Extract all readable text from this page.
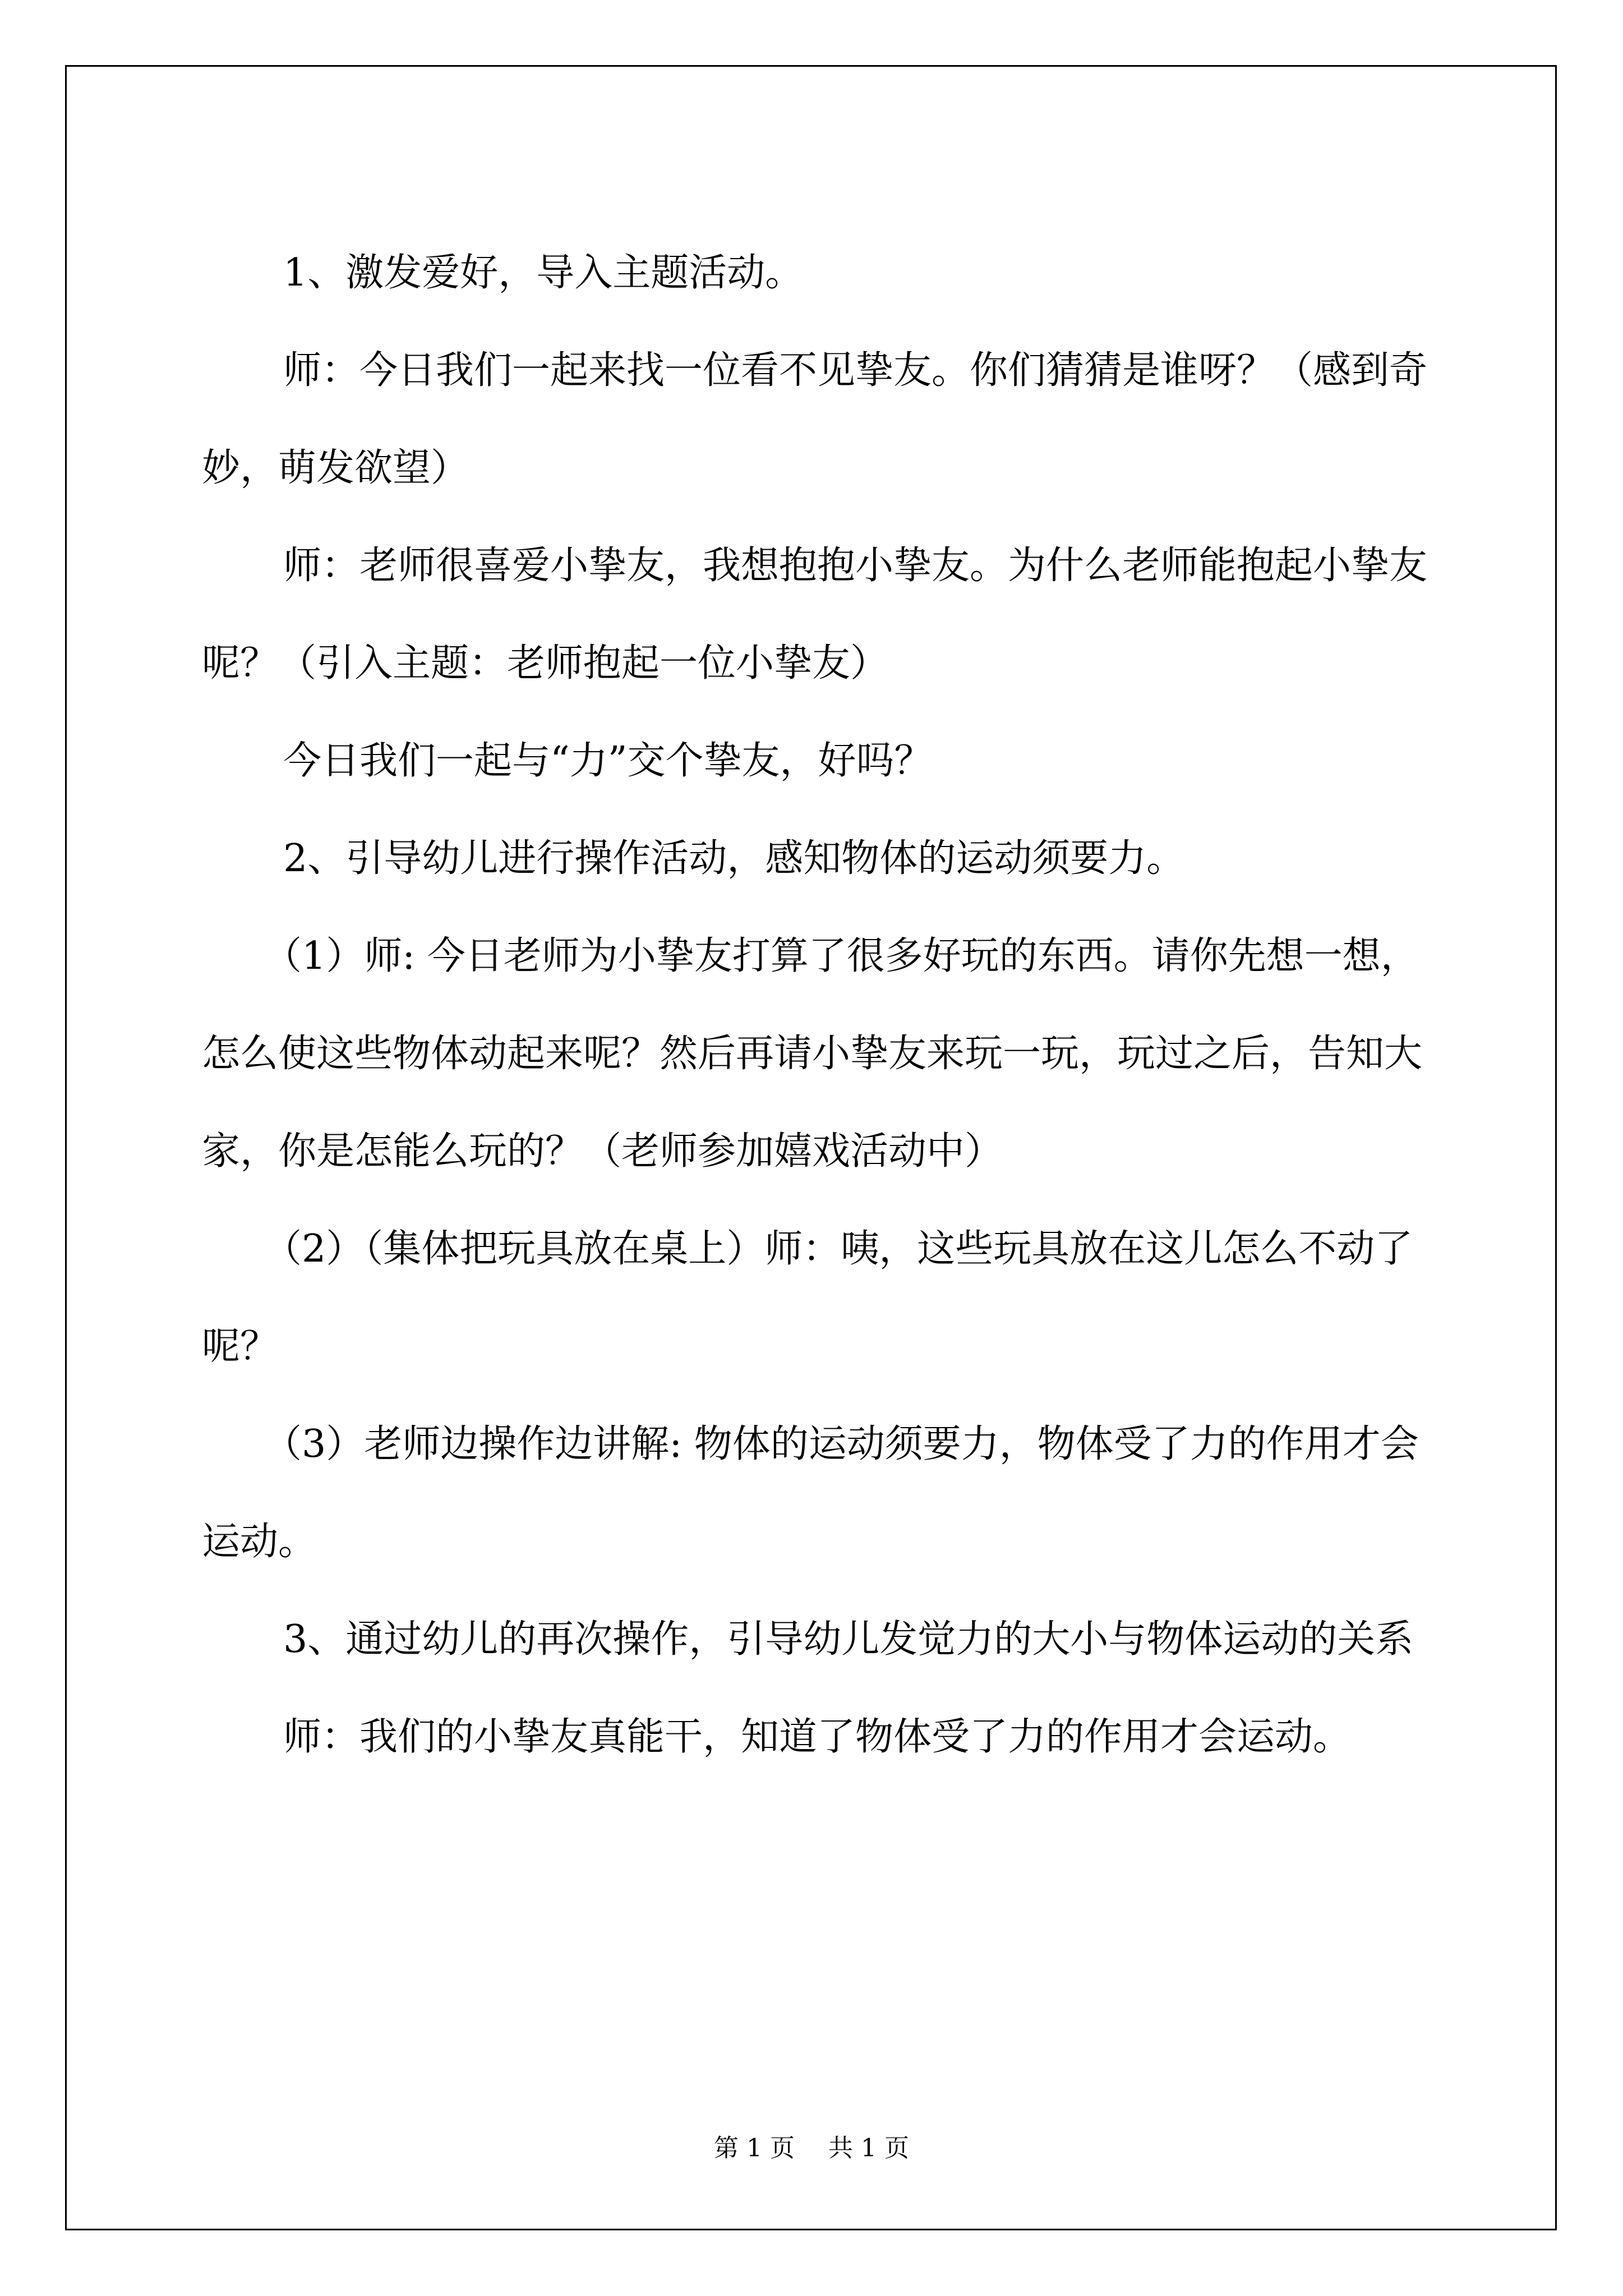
1、激发爱好，导入主题活动。

师：今日我们一起来找一位看不见挚友。你们猜猜是谁呀？（感到奇妙，萌发欲望）

师：老师很喜爱小挚友，我想抱抱小挚友。为什么老师能抱起小挚友呢？（引入主题：老师抱起一位小挚友）

今日我们一起与“力”交个挚友，好吗？

2、引导幼儿进行操作活动，感知物体的运动须要力。

（1）师: 今日老师为小挚友打算了很多好玩的东西。请你先想一想，怎么使这些物体动起来呢？然后再请小挚友来玩一玩，玩过之后，告知大家，你是怎能么玩的？（老师参加嬉戏活动中）

（2）（集体把玩具放在桌上）师：咦，这些玩具放在这儿怎么不动了呢？

（3）老师边操作边讲解: 物体的运动须要力，物体受了力的作用才会运动。

3、通过幼儿的再次操作，引导幼儿发觉力的大小与物体运动的关系

师：我们的小挚友真能干，知道了物体受了力的作用才会运动。

第 1 页 共 1 页
